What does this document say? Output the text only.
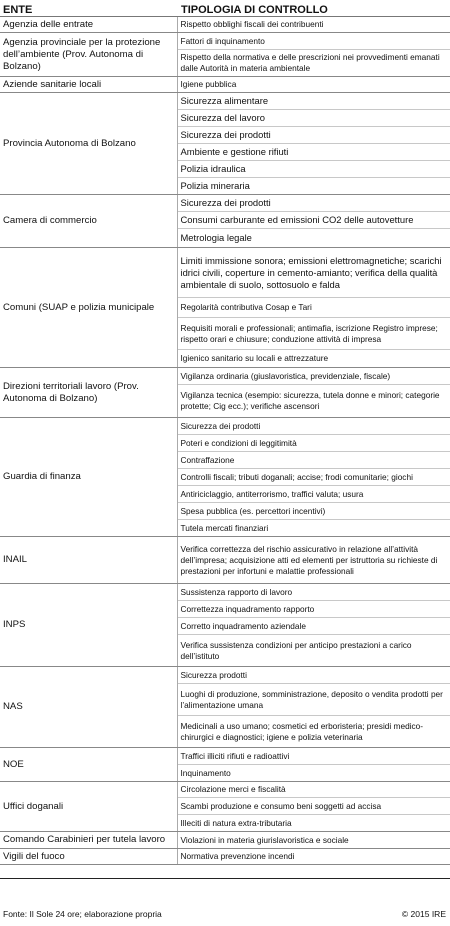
ENTE	TIPOLOGIA DI CONTROLLO
Agenzia delle entrate	Rispetto obblighi fiscali dei contribuenti
Agenzia provinciale per la protezione dell’ambiente (Prov. Autonoma di Bolzano)	Fattori di inquinamento
	Rispetto della normativa e delle prescrizioni nei provvedimenti emanati dalle Autorità in materia ambientale
Aziende sanitarie locali	Igiene pubblica
Provincia Autonoma di Bolzano	Sicurezza alimentare
	Sicurezza del lavoro
	Sicurezza dei prodotti
	Ambiente e gestione rifiuti
	Polizia idraulica
	Polizia mineraria
Camera di commercio	Sicurezza dei prodotti
	Consumi carburante ed emissioni CO2 delle autovetture
	Metrologia legale
Comuni (SUAP e polizia municipale	Limiti immissione sonora; emissioni elettromagnetiche; scarichi idrici civili, coperture in cemento-amianto; verifica della qualità ambientale di suolo, sottosuolo e falda
	Regolarità contributiva Cosap e Tari
	Requisiti morali e professionali; antimafia, iscrizione Registro imprese; rispetto orari e chiusure; conduzione attività di impresa
	Igienico sanitario su locali e attrezzature
Direzioni territoriali lavoro (Prov. Autonoma di Bolzano)	Vigilanza ordinaria (giuslavoristica, previdenziale, fiscale)
	Vigilanza tecnica (esempio: sicurezza, tutela donne e minori; categorie protette; Cig ecc.); verifiche ascensori
Guardia di finanza	Sicurezza dei prodotti
	Poteri e condizioni di leggitimità
	Contraffazione
	Controlli fiscali; tributi doganali; accise; frodi comunitarie; giochi
	Antiriciclaggio, antiterrorismo, traffici valuta; usura
	Spesa pubblica (es. percettori incentivi)
	Tutela mercati finanziari
INAIL	Verifica correttezza del rischio assicurativo in relazione all’attività dell’impresa; acquisizione atti ed elementi per istruttoria su richieste di prestazioni per infortuni e malattie professionali
INPS	Sussistenza rapporto di lavoro
	Correttezza inquadramento rapporto
	Corretto inquadramento aziendale
	Verifica sussistenza condizioni per anticipo prestazioni a carico dell’istituto
NAS	Sicurezza prodotti
	Luoghi di produzione, somministrazione, deposito o vendita prodotti per l’alimentazione umana
	Medicinali a uso umano; cosmetici ed erboristeria; presidi medico-chirurgici e diagnostici; igiene e polizia veterinaria
NOE	Traffici illiciti rifiuti e radioattivi
	Inquinamento
Uffici doganali	Circolazione merci e fiscalità
	Scambi produzione e consumo beni soggetti ad accisa
	Illeciti di natura extra-tributaria
Comando Carabinieri per tutela lavoro	Violazioni in materia giurislavoristica e sociale
Vigili del fuoco	Normativa prevenzione incendi
Fonte: Il Sole 24 ore; elaborazione propria	© 2015 IRE
